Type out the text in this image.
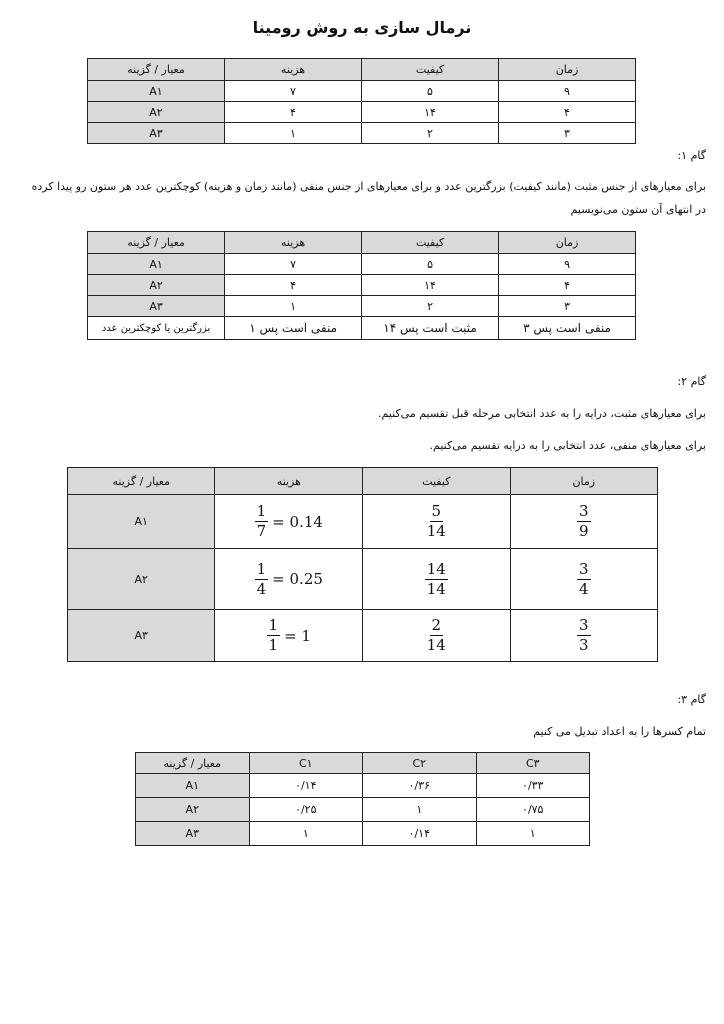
نرمال سازی به روش رومینا
زمان	کیفیت	هزینه	معیار / گزینه
۹	۵	۷	A۱
۴	۱۴	۴	A۲
۳	۲	۱	A۳
گام ۱:
برای معیارهای از جنس مثبت (مانند کیفیت) بزرگترین عدد و برای معیارهای از جنس منفی (مانند زمان و هزینه) کوچکترین عدد هر ستون رو پیدا کرده
در انتهای آن ستون می‌نویسیم
زمان	کیفیت	هزینه	معیار / گزینه
۹	۵	۷	A۱
۴	۱۴	۴	A۲
۳	۲	۱	A۳
منفی است پس ۳	مثبت است پس ۱۴	منفی است پس ۱	بزرگترین یا کوچکترین عدد
گام ۲:
برای معیارهای مثبت، درایه را به عدد انتخابی مرحله قبل تقسیم می‌کنیم.
برای معیارهای منفی، عدد انتخابی را به درایه تقسیم می‌کنیم.
زمان	کیفیت	هزینه	معیار / گزینه

$\frac{3}{9}$	$\frac{5}{14}$	$\frac{1}{7} = 0.14$	A۱

$\frac{3}{4}$	$\frac{14}{14}$	$\frac{1}{4} = 0.25$	A۲

$\frac{3}{3}$	$\frac{2}{14}$	$\frac{1}{1} = 1$	A۳
گام ۳:
تمام کسرها را به اعداد تبدیل می کنیم
C۳	C۲	C۱	معیار / گزینه
۰/۳۳	۰/۳۶	۰/۱۴	A۱
۰/۷۵	۱	۰/۲۵	A۲
۱	۰/۱۴	۱	A۳
